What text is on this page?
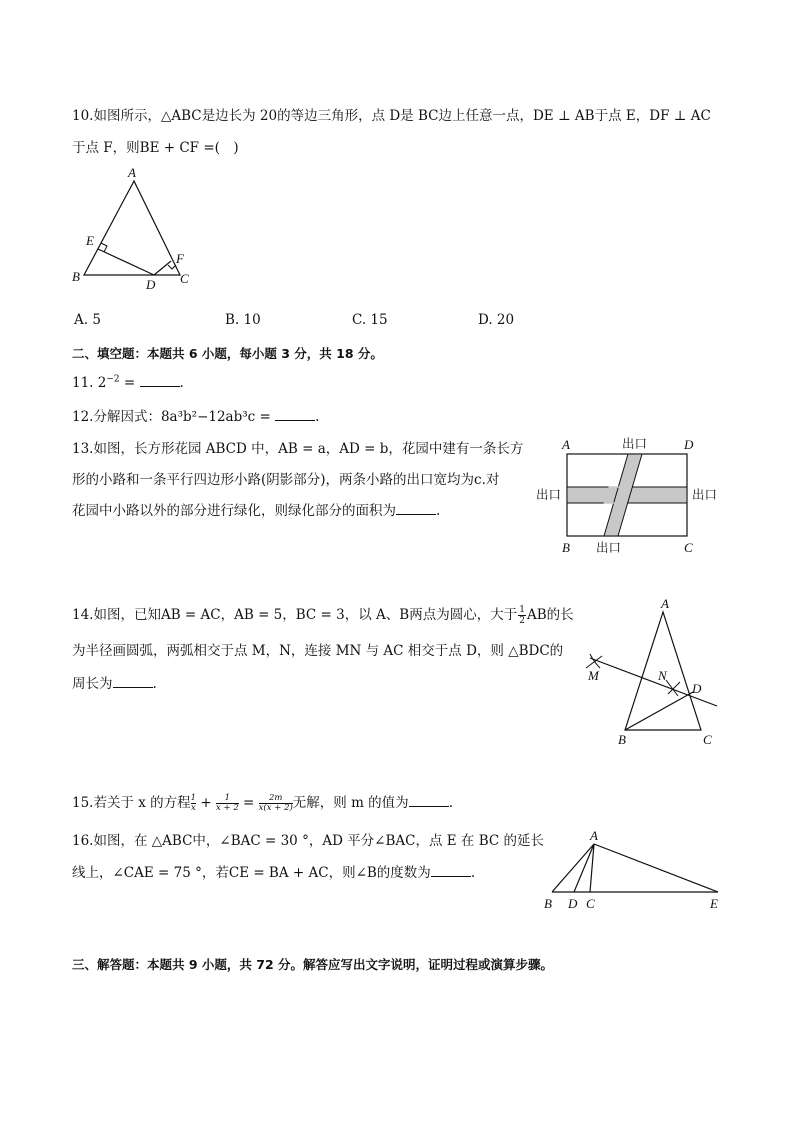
10.如图所示，△ABC是边长为 20的等边三角形，点 D是 BC边上任意一点，DE ⊥ AB于点 E，DF ⊥ AC
于点 F，则BE + CF =(　)
A
B	C
D
E
F
A. 5	B. 10	C. 15	D. 20
二、填空题：本题共 6 小题，每小题 3 分，共 18 分。
11. $2^{-2}$ =	.
12.分解因式：8a³b²−12ab³c =	.
13.如图，长方形花园 ABCD 中，AB = a，AD = b，花园中建有一条长方
形的小路和一条平行四边形小路(阴影部分)，两条小路的出口宽均为c.对
花园中小路以外的部分进行绿化，则绿化部分的面积为	.
A	D
B	C
出口
出口
出口	出口
14.如图，已知AB = AC，AB = 5，BC = 3，以 A、B两点为圆心，大于 $\frac{1}{2}$ AB的长
为半径画圆弧，两弧相交于点 M，N，连接 MN 与 AC 相交于点 D，则 △BDC的
周长为	.
A
B	C
D
M	N
15.若关于 x 的方程 $\frac{1}{x} + \frac{1}{x + 2} = \frac{2m}{x(x + 2)}$ 无解，则 m 的值为	.
16.如图，在 △ABC中，∠BAC = 30 °，AD 平分∠BAC，点 E 在 BC 的延长
线上，∠CAE = 75 °，若CE = BA + AC，则∠B的度数为	.
A
B D C	E
三、解答题：本题共 9 小题，共 72 分。解答应写出文字说明，证明过程或演算步骤。
